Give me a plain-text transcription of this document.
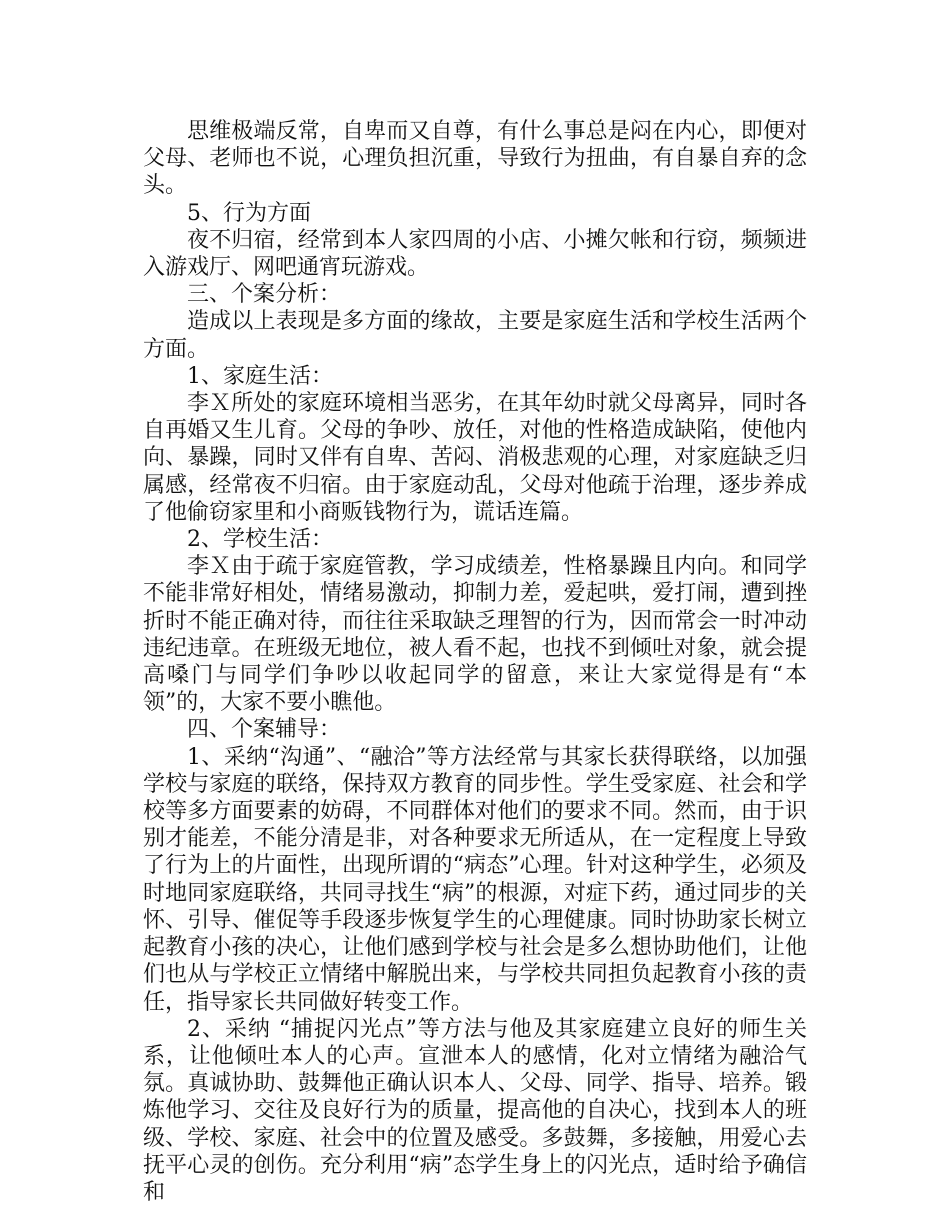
思维极端反常，自卑而又自尊，有什么事总是闷在内心，即便对父母、老师也不说，心理负担沉重，导致行为扭曲，有自暴自弃的念头。

5、行为方面

夜不归宿，经常到本人家四周的小店、小摊欠帐和行窃，频频进入游戏厅、网吧通宵玩游戏。

三、个案分析：

造成以上表现是多方面的缘故，主要是家庭生活和学校生活两个方面。

1、家庭生活：

李Ｘ所处的家庭环境相当恶劣，在其年幼时就父母离异，同时各自再婚又生儿育。父母的争吵、放任，对他的性格造成缺陷，使他内向、暴躁，同时又伴有自卑、苦闷、消极悲观的心理，对家庭缺乏归属感，经常夜不归宿。由于家庭动乱，父母对他疏于治理，逐步养成了他偷窃家里和小商贩钱物行为，谎话连篇。

2、学校生活：

李Ｘ由于疏于家庭管教，学习成绩差，性格暴躁且内向。和同学不能非常好相处，情绪易激动，抑制力差，爱起哄，爱打闹，遭到挫折时不能正确对待，而往往采取缺乏理智的行为，因而常会一时冲动违纪违章。在班级无地位，被人看不起，也找不到倾吐对象，就会提高嗓门与同学们争吵以收起同学的留意，来让大家觉得是有“本领”的，大家不要小瞧他。

四、个案辅导：

1、采纳“沟通”、“融洽”等方法经常与其家长获得联络，以加强学校与家庭的联络，保持双方教育的同步性。学生受家庭、社会和学校等多方面要素的妨碍，不同群体对他们的要求不同。然而，由于识别才能差，不能分清是非，对各种要求无所适从，在一定程度上导致了行为上的片面性，出现所谓的“病态”心理。针对这种学生，必须及时地同家庭联络，共同寻找生“病”的根源，对症下药，通过同步的关怀、引导、催促等手段逐步恢复学生的心理健康。同时协助家长树立起教育小孩的决心，让他们感到学校与社会是多么想协助他们，让他们也从与学校正立情绪中解脱出来，与学校共同担负起教育小孩的责任，指导家长共同做好转变工作。

2、采纳 “捕捉闪光点”等方法与他及其家庭建立良好的师生关系，让他倾吐本人的心声。宣泄本人的感情，化对立情绪为融洽气氛。真诚协助、鼓舞他正确认识本人、父母、同学、指导、培养。锻炼他学习、交往及良好行为的质量，提高他的自决心，找到本人的班级、学校、家庭、社会中的位置及感受。多鼓舞，多接触，用爱心去抚平心灵的创伤。充分利用“病”态学生身上的闪光点，适时给予确信和
